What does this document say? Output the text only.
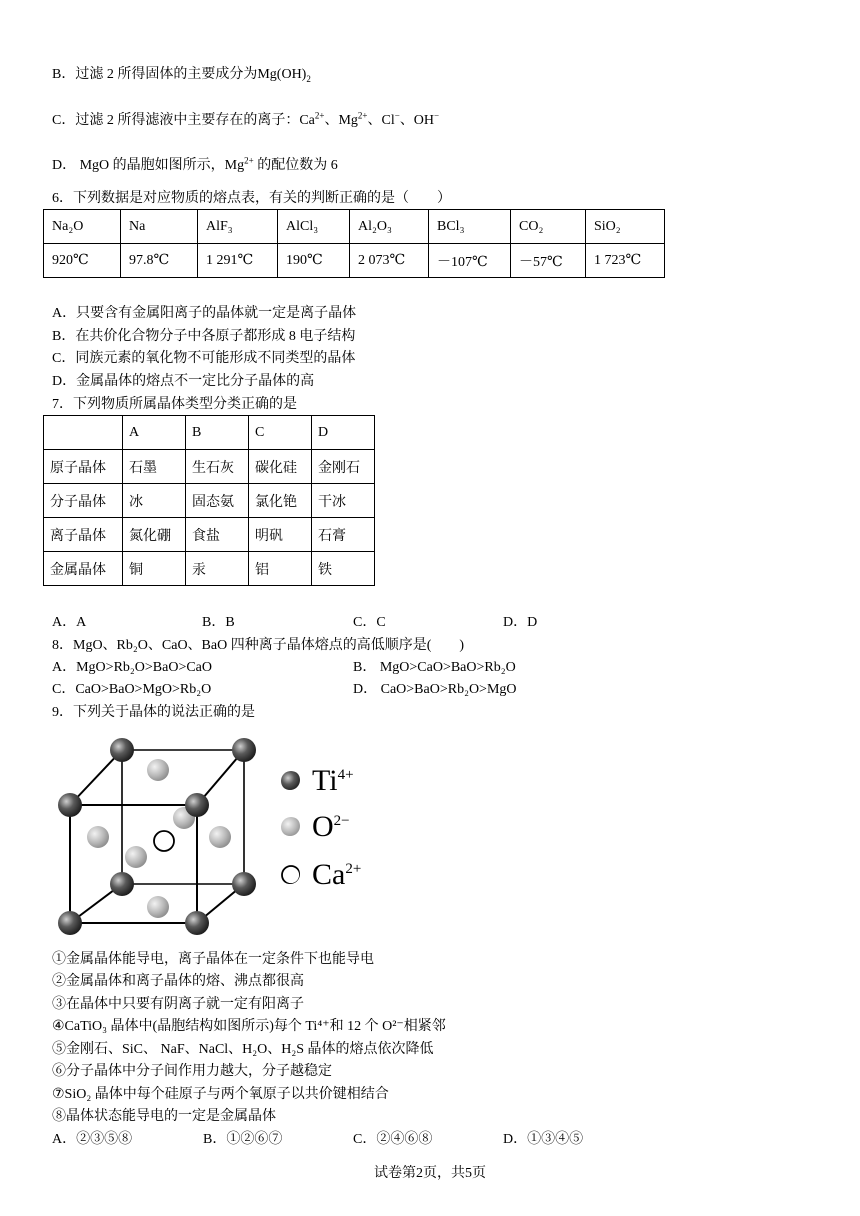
B．过滤 2 所得固体的主要成分为$Mg(OH)_2$
C．过滤 2 所得滤液中主要存在的离子：$Ca^{2+}$、$Mg^{2+}$、Cl−、OH−
D． MgO 的晶胞如图所示，$Mg^{2+}$ 的配位数为 6
6．下列数据是对应物质的熔点表，有关的判断正确的是（　　）
Na₂O	Na	AlF₃	AlCl₃	Al₂O₃	BCl₃	CO₂	SiO₂
920℃	97.8℃	1 291℃	190℃	2 073℃	－107℃	－57℃	1 723℃
A．只要含有金属阳离子的晶体就一定是离子晶体
B．在共价化合物分子中各原子都形成 8 电子结构
C．同族元素的氧化物不可能形成不同类型的晶体
D．金属晶体的熔点不一定比分子晶体的高
7．下列物质所属晶体类型分类正确的是
	A	B	C	D
原子晶体	石墨	生石灰	碳化硅	金刚石
分子晶体	冰	固态氨	氯化铯	干冰
离子晶体	氮化硼	食盐	明矾	石膏
金属晶体	铜	汞	铝	铁
A．A	B．B	C．C	D．D
8．MgO、Rb₂O、CaO、BaO 四种离子晶体熔点的高低顺序是(　　)
A．MgO>Rb₂O>BaO>CaO	B． MgO>CaO>BaO>Rb₂O
C．CaO>BaO>MgO>Rb₂O	D． CaO>BaO>Rb₂O>MgO
9．下列关于晶体的说法正确的是
$Ti^{4+}$
$O^{2-}$
$Ca^{2+}$
①金属晶体能导电，离子晶体在一定条件下也能导电
②金属晶体和离子晶体的熔、沸点都很高
③在晶体中只要有阴离子就一定有阳离子
④CaTiO₃ 晶体中(晶胞结构如图所示)每个 Ti⁴⁺和 12 个 O²⁻相紧邻
⑤金刚石、SiC、 NaF、NaCl、H₂O、H₂S 晶体的熔点依次降低
⑥分子晶体中分子间作用力越大，分子越稳定
⑦SiO₂ 晶体中每个硅原子与两个氧原子以共价键相结合
⑧晶体状态能导电的一定是金属晶体
A．②③⑤⑧	B．①②⑥⑦	C．②④⑥⑧	D．①③④⑤
试卷第2页，共5页
